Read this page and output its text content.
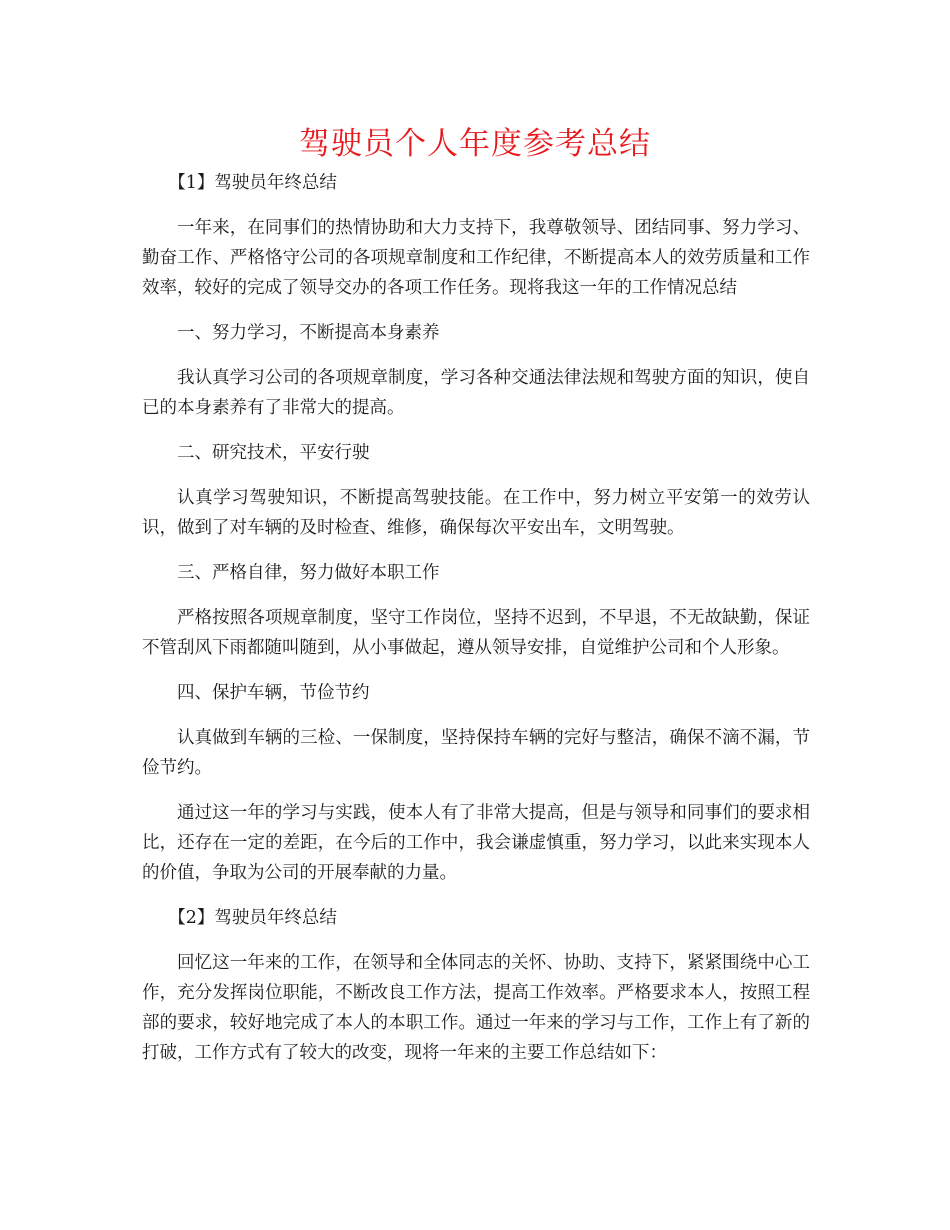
驾驶员个人年度参考总结

【1】驾驶员年终总结

一年来，在同事们的热情协助和大力支持下，我尊敬领导、团结同事、努力学习、勤奋工作、严格恪守公司的各项规章制度和工作纪律，不断提高本人的效劳质量和工作效率，较好的完成了领导交办的各项工作任务。现将我这一年的工作情况总结

一、努力学习，不断提高本身素养

我认真学习公司的各项规章制度，学习各种交通法律法规和驾驶方面的知识，使自已的本身素养有了非常大的提高。

二、研究技术，平安行驶

认真学习驾驶知识，不断提高驾驶技能。在工作中，努力树立平安第一的效劳认识，做到了对车辆的及时检查、维修，确保每次平安出车，文明驾驶。

三、严格自律，努力做好本职工作

严格按照各项规章制度，坚守工作岗位，坚持不迟到，不早退，不无故缺勤，保证不管刮风下雨都随叫随到，从小事做起，遵从领导安排，自觉维护公司和个人形象。

四、保护车辆，节俭节约

认真做到车辆的三检、一保制度，坚持保持车辆的完好与整洁，确保不滴不漏，节俭节约。

通过这一年的学习与实践，使本人有了非常大提高，但是与领导和同事们的要求相比，还存在一定的差距，在今后的工作中，我会谦虚慎重，努力学习，以此来实现本人的价值，争取为公司的开展奉献的力量。

【2】驾驶员年终总结

回忆这一年来的工作，在领导和全体同志的关怀、协助、支持下，紧紧围绕中心工作，充分发挥岗位职能，不断改良工作方法，提高工作效率。严格要求本人，按照工程部的要求，较好地完成了本人的本职工作。通过一年来的学习与工作，工作上有了新的打破，工作方式有了较大的改变，现将一年来的主要工作总结如下：
